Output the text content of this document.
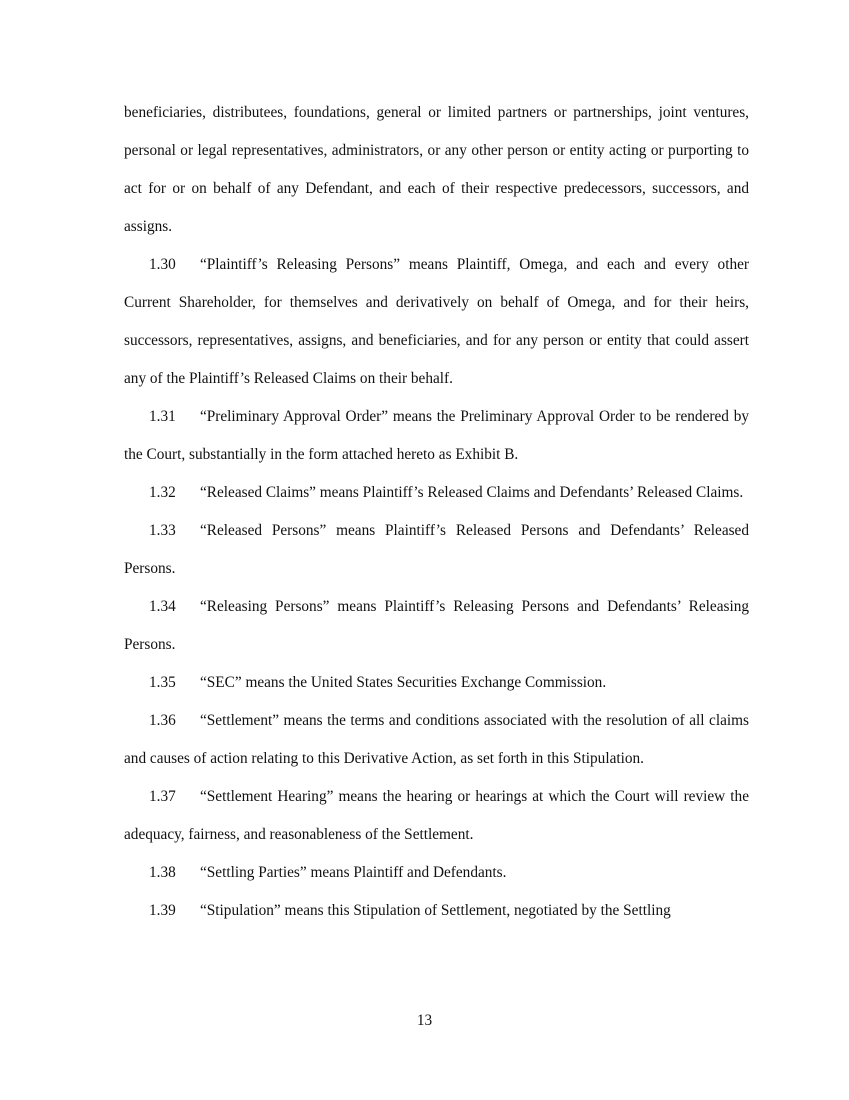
beneficiaries, distributees, foundations, general or limited partners or partnerships, joint ventures, personal or legal representatives, administrators, or any other person or entity acting or purporting to act for or on behalf of any Defendant, and each of their respective predecessors, successors, and assigns.

1.30 “Plaintiff’s Releasing Persons” means Plaintiff, Omega, and each and every other Current Shareholder, for themselves and derivatively on behalf of Omega, and for their heirs, successors, representatives, assigns, and beneficiaries, and for any person or entity that could assert any of the Plaintiff’s Released Claims on their behalf.

1.31 “Preliminary Approval Order” means the Preliminary Approval Order to be rendered by the Court, substantially in the form attached hereto as Exhibit B.

1.32 “Released Claims” means Plaintiff’s Released Claims and Defendants’ Released Claims.

1.33 “Released Persons” means Plaintiff’s Released Persons and Defendants’ Released Persons.

1.34 “Releasing Persons” means Plaintiff’s Releasing Persons and Defendants’ Releasing Persons.

1.35 “SEC” means the United States Securities Exchange Commission.

1.36 “Settlement” means the terms and conditions associated with the resolution of all claims and causes of action relating to this Derivative Action, as set forth in this Stipulation.

1.37 “Settlement Hearing” means the hearing or hearings at which the Court will review the adequacy, fairness, and reasonableness of the Settlement.

1.38 “Settling Parties” means Plaintiff and Defendants.

1.39 “Stipulation” means this Stipulation of Settlement, negotiated by the Settling

13
